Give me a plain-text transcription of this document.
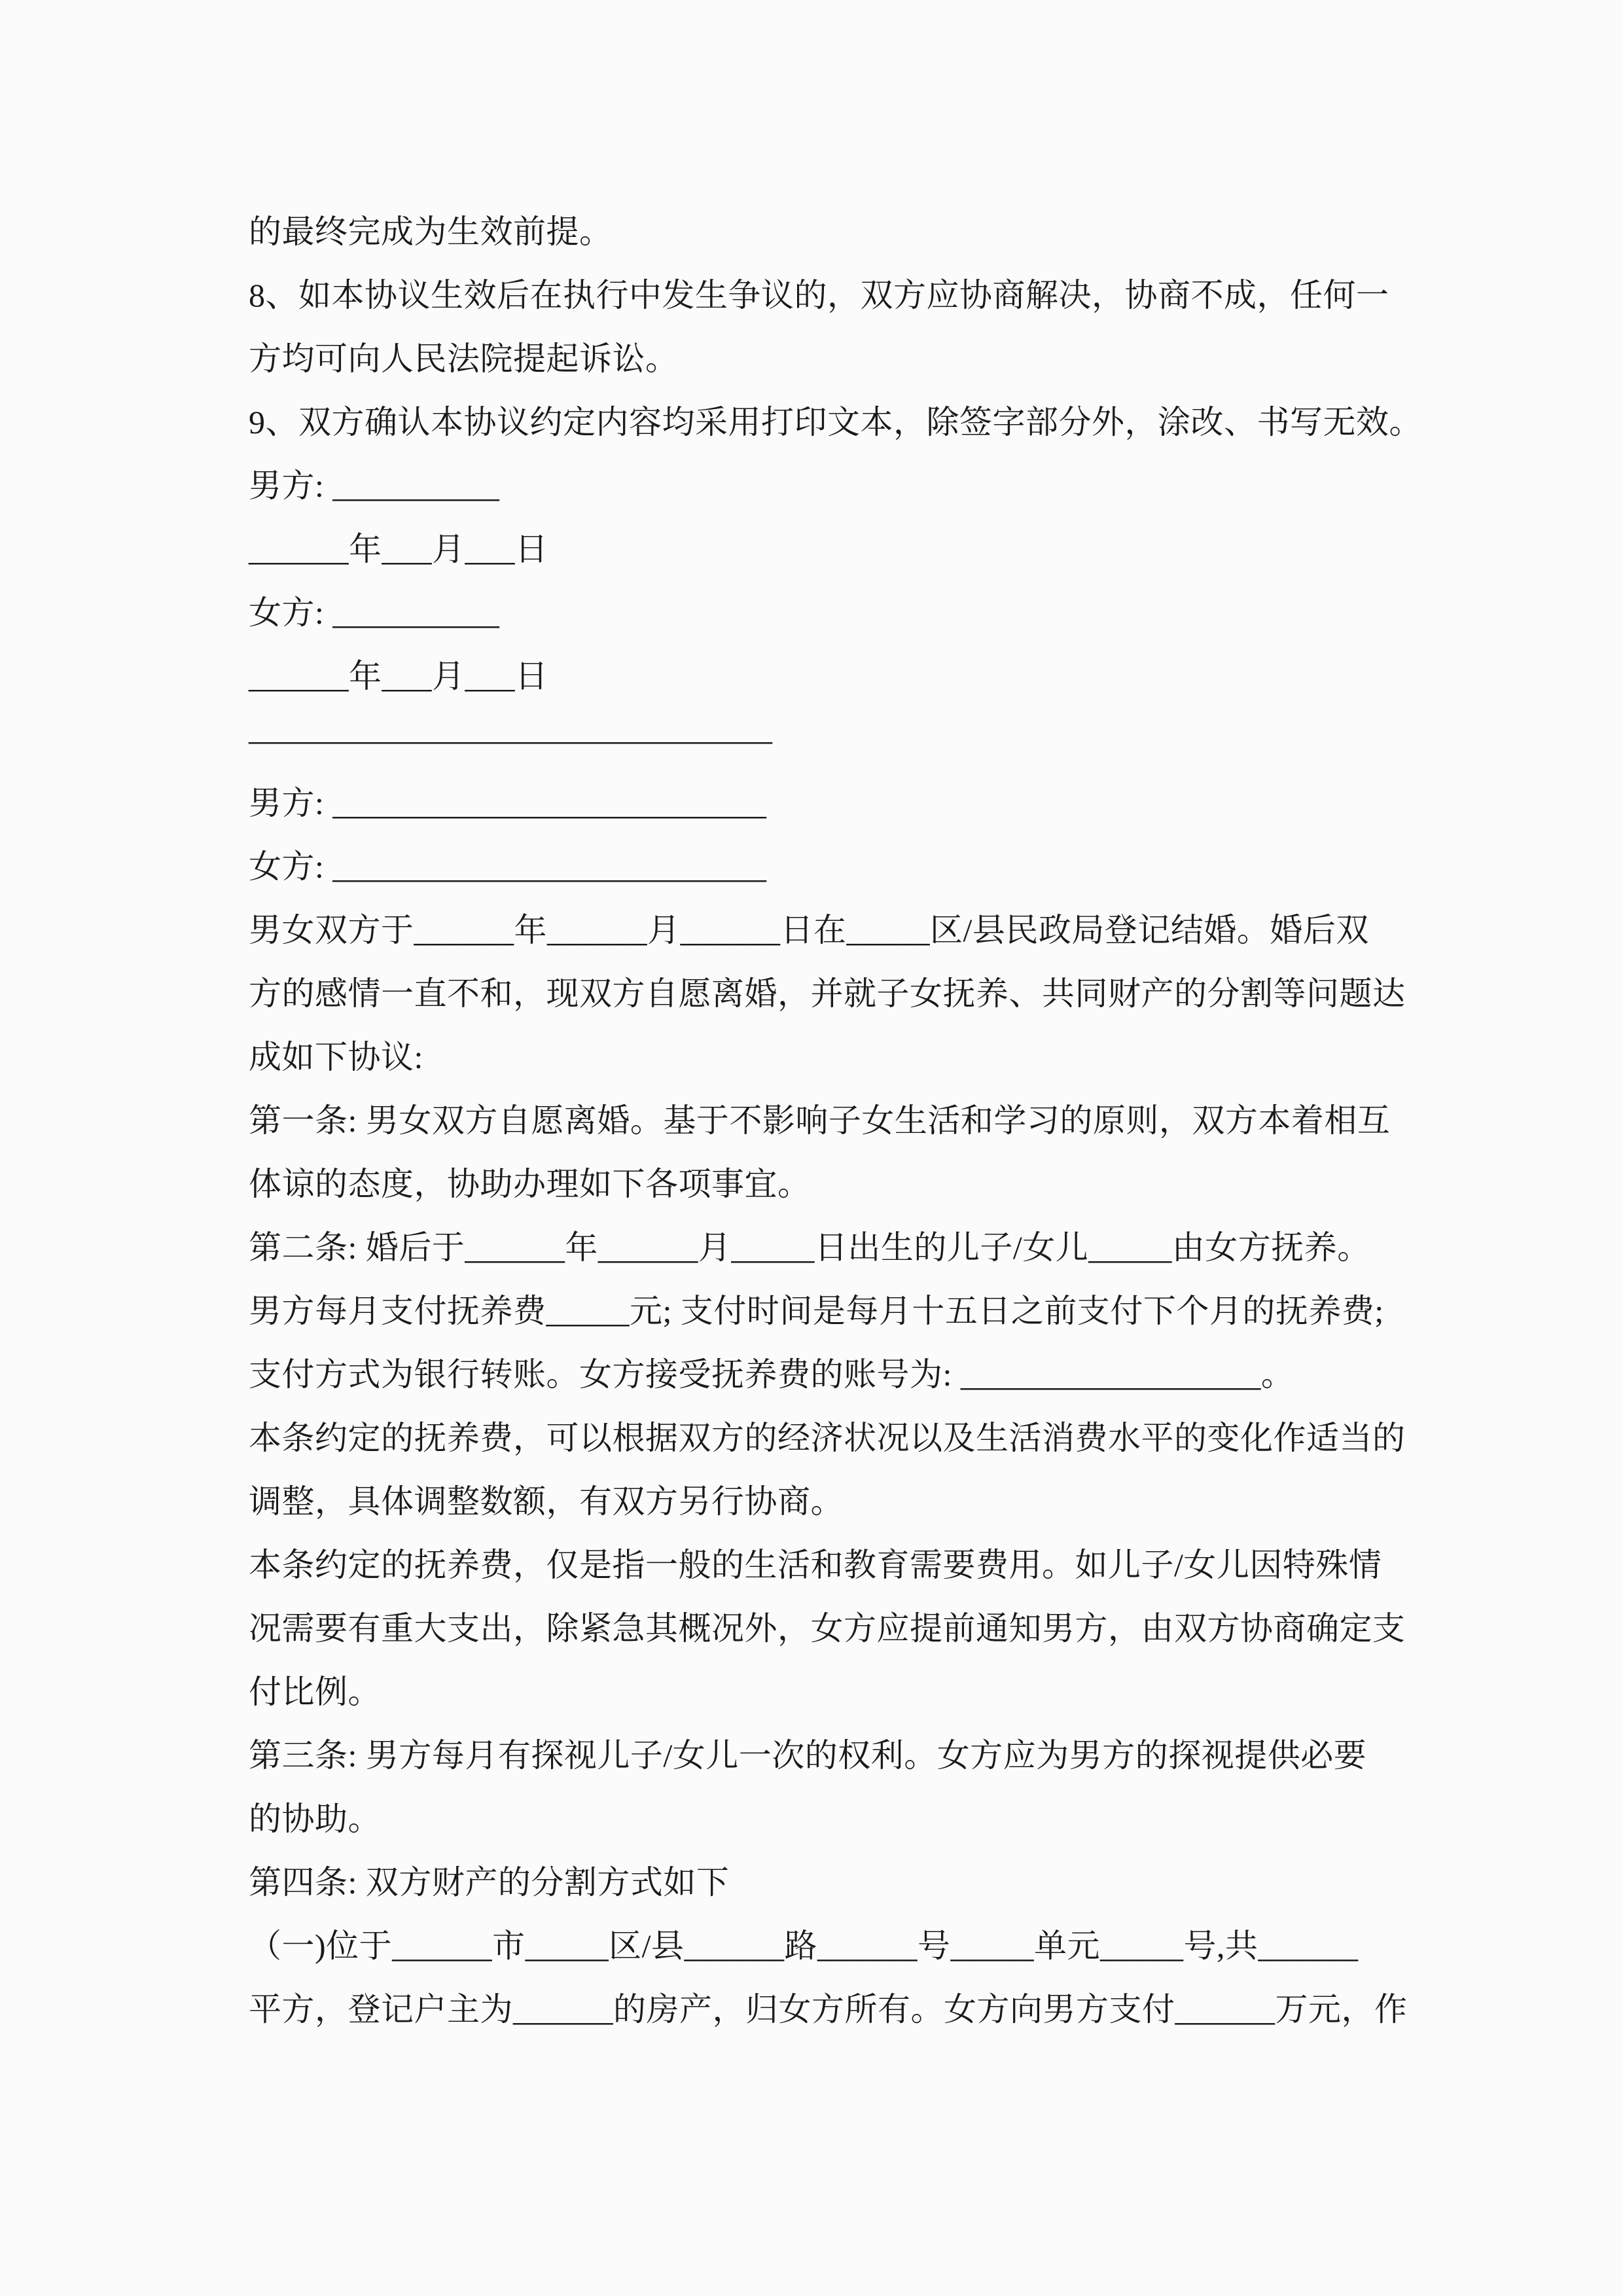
的最终完成为生效前提。
8、如本协议生效后在执行中发生争议的，双方应协商解决，协商不成，任何一
方均可向人民法院提起诉讼。
9、双方确认本协议约定内容均采用打印文本，除签字部分外，涂改、书写无效。
男方: __________
______年___月___日
女方: __________
______年___月___日
————————————————
男方: __________________________
女方: __________________________
男女双方于______年______月______日在_____区/县民政局登记结婚。婚后双
方的感情一直不和，现双方自愿离婚，并就子女抚养、共同财产的分割等问题达
成如下协议:
第一条: 男女双方自愿离婚。基于不影响子女生活和学习的原则，双方本着相互
体谅的态度，协助办理如下各项事宜。
第二条: 婚后于______年______月_____日出生的儿子/女儿_____由女方抚养。
男方每月支付抚养费_____元; 支付时间是每月十五日之前支付下个月的抚养费;
支付方式为银行转账。女方接受抚养费的账号为: __________________。
本条约定的抚养费，可以根据双方的经济状况以及生活消费水平的变化作适当的
调整，具体调整数额，有双方另行协商。
本条约定的抚养费，仅是指一般的生活和教育需要费用。如儿子/女儿因特殊情
况需要有重大支出，除紧急其概况外，女方应提前通知男方，由双方协商确定支
付比例。
第三条: 男方每月有探视儿子/女儿一次的权利。女方应为男方的探视提供必要
的协助。
第四条: 双方财产的分割方式如下
（一)位于______市_____区/县______路______号_____单元_____号,共______
平方，登记户主为______的房产，归女方所有。女方向男方支付______万元，作
